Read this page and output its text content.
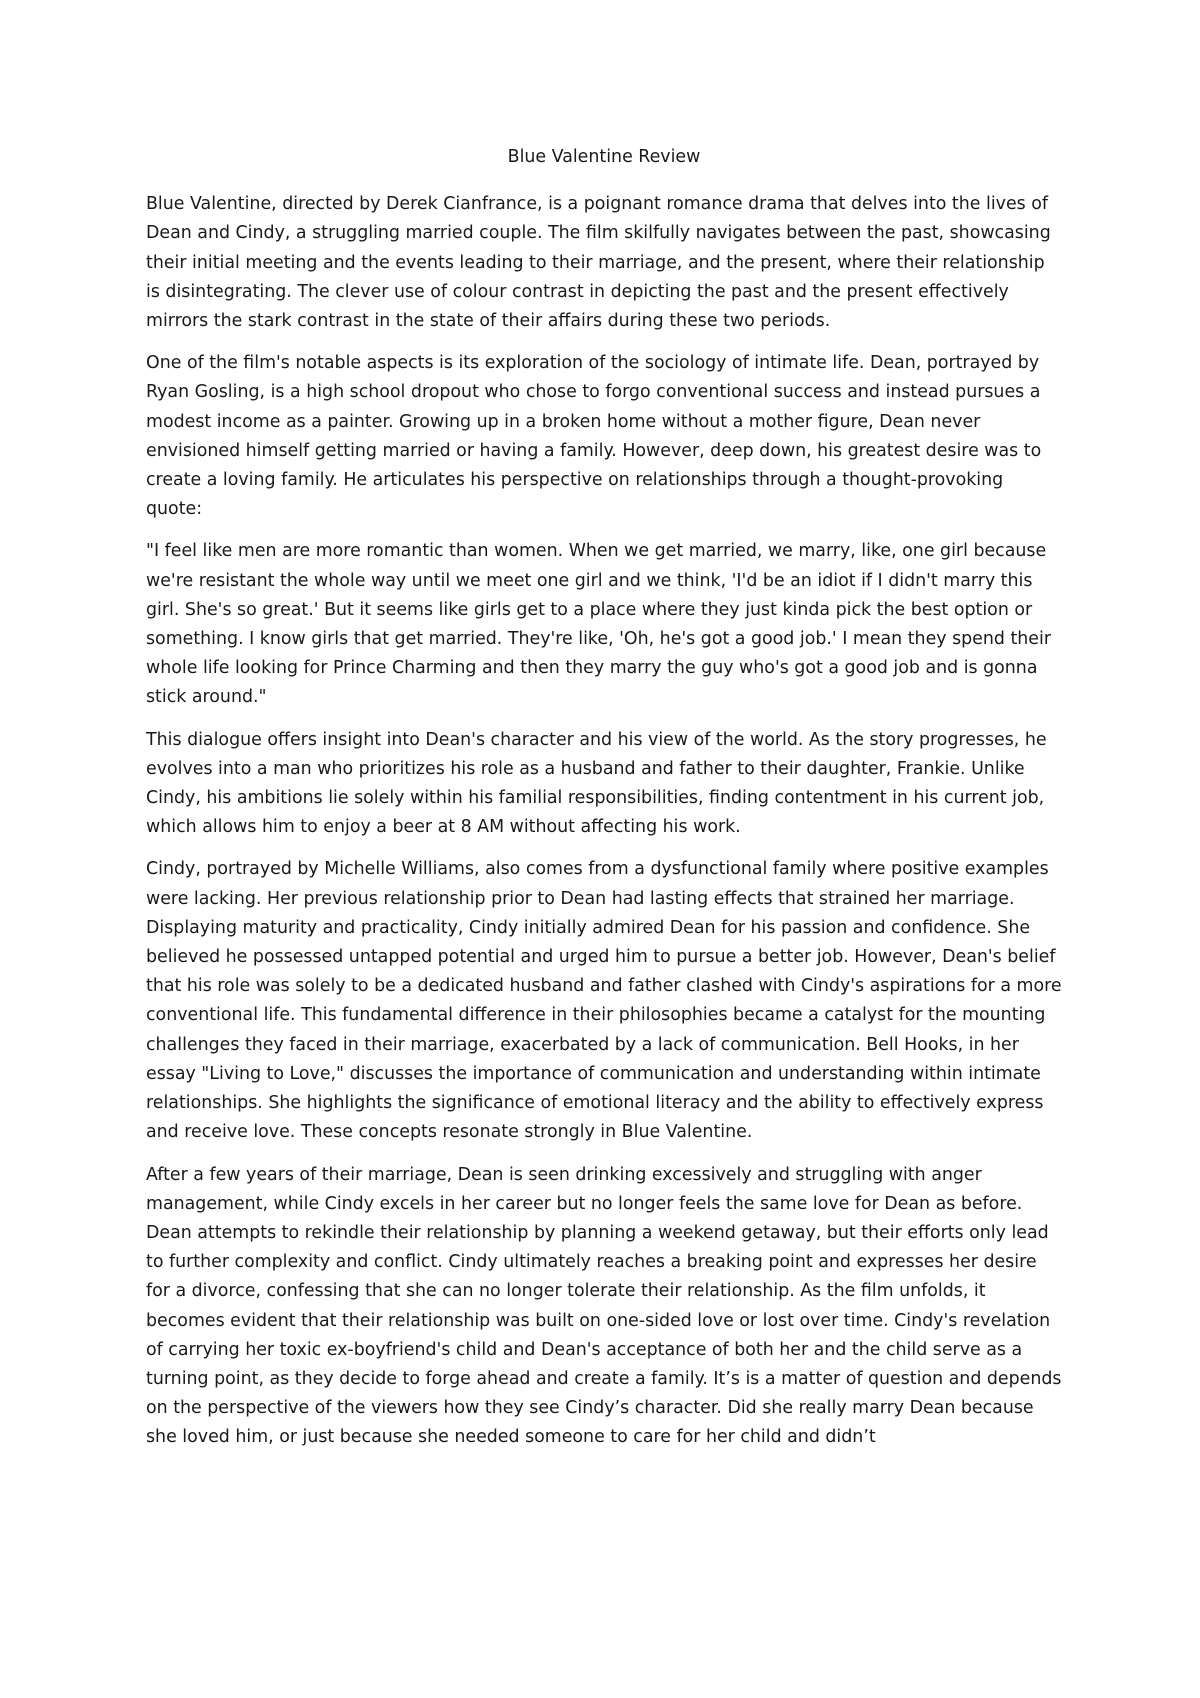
Blue Valentine Review

Blue Valentine, directed by Derek Cianfrance, is a poignant romance drama that delves into the lives of Dean and Cindy, a struggling married couple. The film skilfully navigates between the past, showcasing their initial meeting and the events leading to their marriage, and the present, where their relationship is disintegrating. The clever use of colour contrast in depicting the past and the present effectively mirrors the stark contrast in the state of their affairs during these two periods.

One of the film's notable aspects is its exploration of the sociology of intimate life. Dean, portrayed by Ryan Gosling, is a high school dropout who chose to forgo conventional success and instead pursues a modest income as a painter. Growing up in a broken home without a mother figure, Dean never envisioned himself getting married or having a family. However, deep down, his greatest desire was to create a loving family. He articulates his perspective on relationships through a thought-provoking quote:

"I feel like men are more romantic than women. When we get married, we marry, like, one girl because we're resistant the whole way until we meet one girl and we think, 'I'd be an idiot if I didn't marry this girl. She's so great.' But it seems like girls get to a place where they just kinda pick the best option or something. I know girls that get married. They're like, 'Oh, he's got a good job.' I mean they spend their whole life looking for Prince Charming and then they marry the guy who's got a good job and is gonna stick around."

This dialogue offers insight into Dean's character and his view of the world. As the story progresses, he evolves into a man who prioritizes his role as a husband and father to their daughter, Frankie. Unlike Cindy, his ambitions lie solely within his familial responsibilities, finding contentment in his current job, which allows him to enjoy a beer at 8 AM without affecting his work.

Cindy, portrayed by Michelle Williams, also comes from a dysfunctional family where positive examples were lacking. Her previous relationship prior to Dean had lasting effects that strained her marriage. Displaying maturity and practicality, Cindy initially admired Dean for his passion and confidence. She believed he possessed untapped potential and urged him to pursue a better job. However, Dean's belief that his role was solely to be a dedicated husband and father clashed with Cindy's aspirations for a more conventional life. This fundamental difference in their philosophies became a catalyst for the mounting challenges they faced in their marriage, exacerbated by a lack of communication. Bell Hooks, in her essay "Living to Love," discusses the importance of communication and understanding within intimate relationships. She highlights the significance of emotional literacy and the ability to effectively express and receive love. These concepts resonate strongly in Blue Valentine.

After a few years of their marriage, Dean is seen drinking excessively and struggling with anger management, while Cindy excels in her career but no longer feels the same love for Dean as before. Dean attempts to rekindle their relationship by planning a weekend getaway, but their efforts only lead to further complexity and conflict. Cindy ultimately reaches a breaking point and expresses her desire for a divorce, confessing that she can no longer tolerate their relationship. As the film unfolds, it becomes evident that their relationship was built on one-sided love or lost over time. Cindy's revelation of carrying her toxic ex-boyfriend's child and Dean's acceptance of both her and the child serve as a turning point, as they decide to forge ahead and create a family. It’s is a matter of question and depends on the perspective of the viewers how they see Cindy’s character. Did she really marry Dean because she loved him, or just because she needed someone to care for her child and didn’t
